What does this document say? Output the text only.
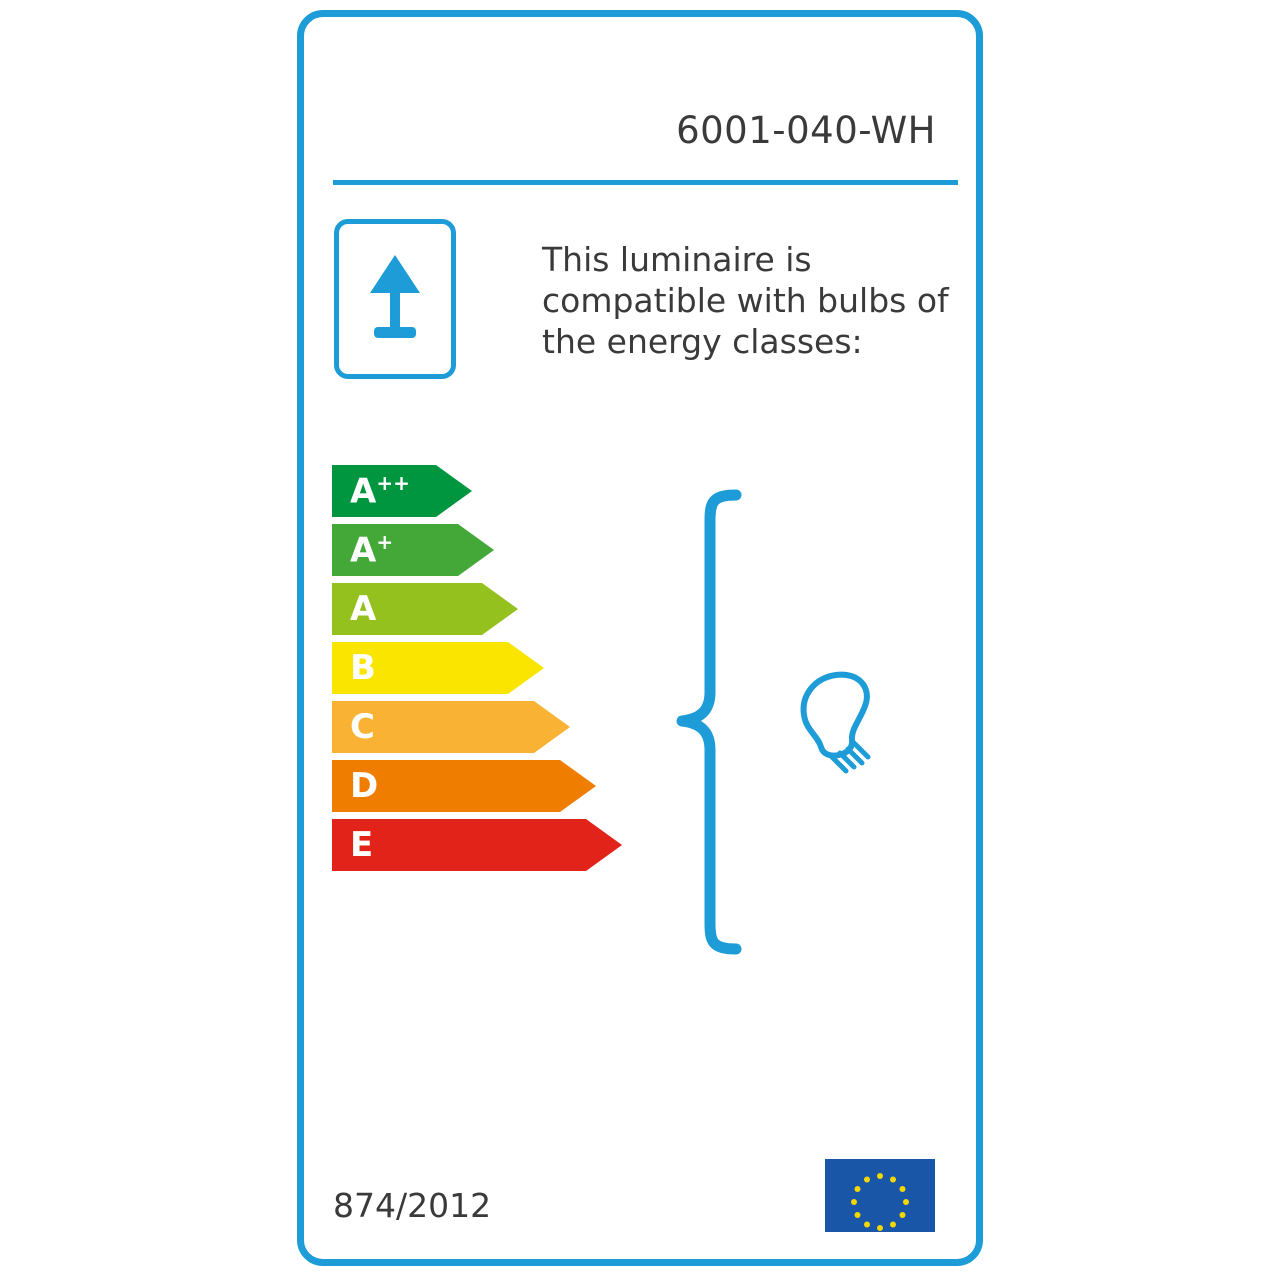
6001-040-WH
This luminaire is compatible with bulbs of the energy classes:
A++
A+
A
B
C
D
E
874/2012
